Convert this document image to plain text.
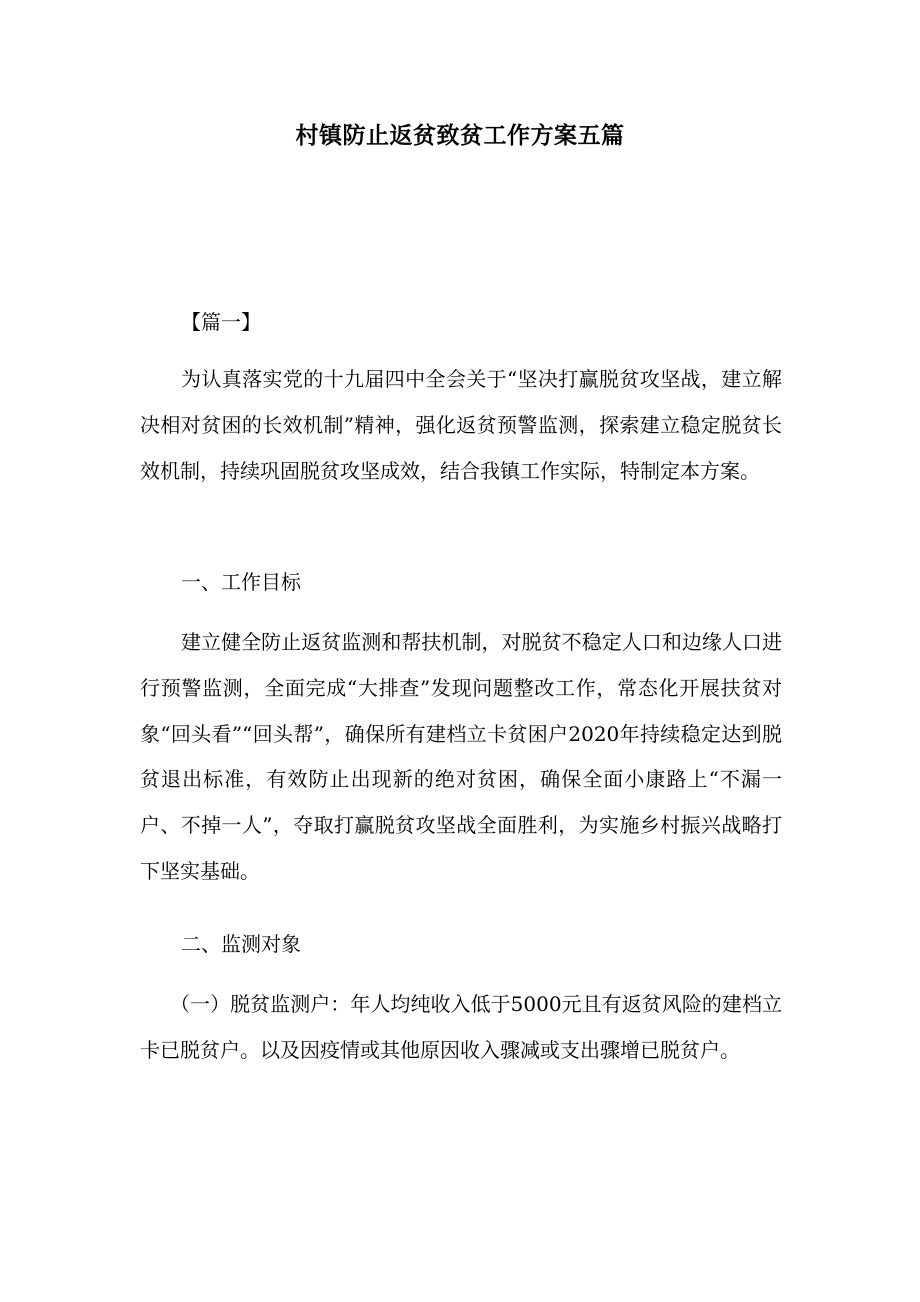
村镇防止返贫致贫工作方案五篇

【篇一】

为认真落实党的十九届四中全会关于“坚决打赢脱贫攻坚战，建立解决相对贫困的长效机制”精神，强化返贫预警监测，探索建立稳定脱贫长效机制，持续巩固脱贫攻坚成效，结合我镇工作实际，特制定本方案。

一、工作目标

建立健全防止返贫监测和帮扶机制，对脱贫不稳定人口和边缘人口进行预警监测，全面完成“大排查”发现问题整改工作，常态化开展扶贫对象“回头看”“回头帮”，确保所有建档立卡贫困户2020年持续稳定达到脱贫退出标准，有效防止出现新的绝对贫困，确保全面小康路上“不漏一户、不掉一人”，夺取打赢脱贫攻坚战全面胜利，为实施乡村振兴战略打下坚实基础。

二、监测对象

（一）脱贫监测户：年人均纯收入低于5000元且有返贫风险的建档立卡已脱贫户。以及因疫情或其他原因收入骤减或支出骤增已脱贫户。
